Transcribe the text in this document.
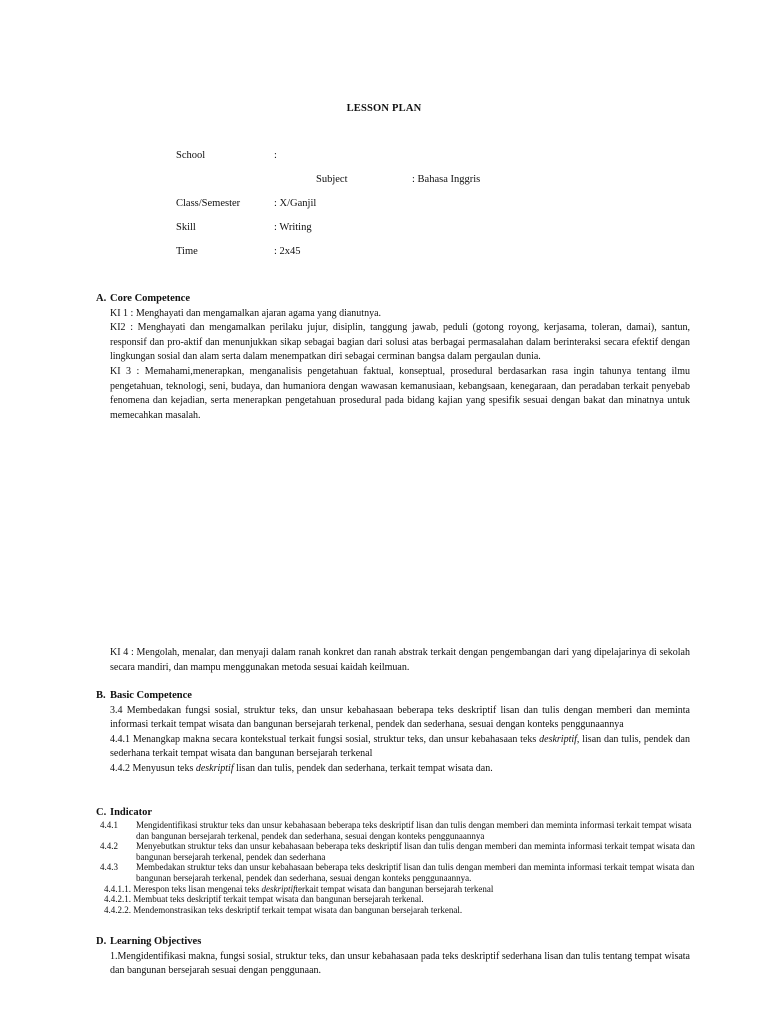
LESSON PLAN
School	:
Subject	: Bahasa Inggris
Class/Semester	: X/Ganjil
Skill	: Writing
Time	: 2x45
A. Core Competence

KI 1 : Menghayati dan mengamalkan ajaran agama yang dianutnya.

KI2 : Menghayati dan mengamalkan perilaku jujur, disiplin, tanggung jawab, peduli (gotong royong, kerjasama, toleran, damai), santun, responsif dan pro-aktif dan menunjukkan sikap sebagai bagian dari solusi atas berbagai permasalahan dalam berinteraksi secara efektif dengan lingkungan sosial dan alam serta dalam menempatkan diri sebagai cerminan bangsa dalam pergaulan dunia.

KI 3 : Memahami,menerapkan, menganalisis pengetahuan faktual, konseptual, prosedural berdasarkan rasa ingin tahunya tentang ilmu pengetahuan, teknologi, seni, budaya, dan humaniora dengan wawasan kemanusiaan, kebangsaan, kenegaraan, dan peradaban terkait penyebab fenomena dan kejadian, serta menerapkan pengetahuan prosedural pada bidang kajian yang spesifik sesuai dengan bakat dan minatnya untuk memecahkan masalah.

KI 4 : Mengolah, menalar, dan menyaji dalam ranah konkret dan ranah abstrak terkait dengan pengembangan dari yang dipelajarinya di sekolah secara mandiri, dan mampu menggunakan metoda sesuai kaidah keilmuan.

B. Basic Competence

3.4 Membedakan fungsi sosial, struktur teks, dan unsur kebahasaan beberapa teks deskriptif lisan dan tulis dengan memberi dan meminta informasi terkait tempat wisata dan bangunan bersejarah terkenal, pendek dan sederhana, sesuai dengan konteks penggunaannya

4.4.1 Menangkap makna secara kontekstual terkait fungsi sosial, struktur teks, dan unsur kebahasaan teks deskriptif, lisan dan tulis, pendek dan sederhana terkait tempat wisata dan bangunan bersejarah terkenal

4.4.2 Menyusun teks deskriptif lisan dan tulis, pendek dan sederhana, terkait tempat wisata dan.

C. Indicator
4.4.1	Mengidentifikasi struktur teks dan unsur kebahasaan beberapa teks deskriptif lisan dan tulis dengan memberi dan meminta informasi terkait tempat wisata dan bangunan bersejarah terkenal, pendek dan sederhana, sesuai dengan konteks penggunaannya
4.4.2	Menyebutkan struktur teks dan unsur kebahasaan beberapa teks deskriptif lisan dan tulis dengan memberi dan meminta informasi terkait tempat wisata dan bangunan bersejarah terkenal, pendek dan sederhana
4.4.3	Membedakan struktur teks dan unsur kebahasaan beberapa teks deskriptif lisan dan tulis dengan memberi dan meminta informasi terkait tempat wisata dan bangunan bersejarah terkenal, pendek dan sederhana, sesuai dengan konteks penggunaannya.
4.4.1.1. Merespon teks lisan mengenai teks deskriptifterkait tempat wisata dan bangunan bersejarah terkenal
4.4.2.1. Membuat teks deskriptif terkait tempat wisata dan bangunan bersejarah terkenal.
4.4.2.2. Mendemonstrasikan teks deskriptif terkait tempat wisata dan bangunan bersejarah terkenal.
D. Learning Objectives

1.Mengidentifikasi makna, fungsi sosial, struktur teks, dan unsur kebahasaan pada teks deskriptif sederhana lisan dan tulis tentang tempat wisata dan bangunan bersejarah sesuai dengan penggunaan.
